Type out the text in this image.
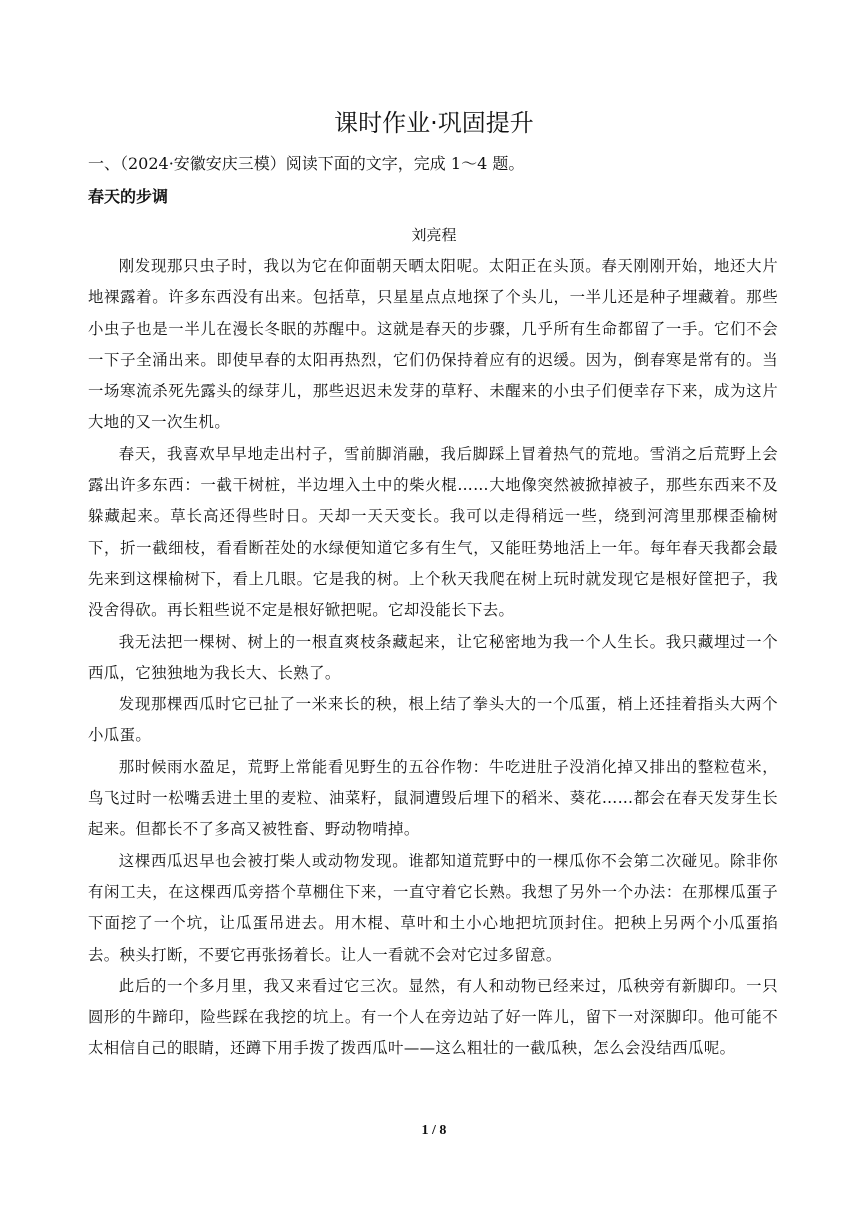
课时作业·巩固提升

一、（2024·安徽安庆三模）阅读下面的文字，完成 1～4 题。

春天的步调

刘亮程

刚发现那只虫子时，我以为它在仰面朝天晒太阳呢。太阳正在头顶。春天刚刚开始，地还大片地裸露着。许多东西没有出来。包括草，只星星点点地探了个头儿，一半儿还是种子埋藏着。那些小虫子也是一半儿在漫长冬眠的苏醒中。这就是春天的步骤，几乎所有生命都留了一手。它们不会一下子全涌出来。即使早春的太阳再热烈，它们仍保持着应有的迟缓。因为，倒春寒是常有的。当一场寒流杀死先露头的绿芽儿，那些迟迟未发芽的草籽、未醒来的小虫子们便幸存下来，成为这片大地的又一次生机。

春天，我喜欢早早地走出村子，雪前脚消融，我后脚踩上冒着热气的荒地。雪消之后荒野上会露出许多东西：一截干树桩，半边埋入土中的柴火棍……大地像突然被掀掉被子，那些东西来不及躲藏起来。草长高还得些时日。天却一天天变长。我可以走得稍远一些，绕到河湾里那棵歪榆树下，折一截细枝，看看断茬处的水绿便知道它多有生气，又能旺势地活上一年。每年春天我都会最先来到这棵榆树下，看上几眼。它是我的树。上个秋天我爬在树上玩时就发现它是根好筐把子，我没舍得砍。再长粗些说不定是根好锨把呢。它却没能长下去。

我无法把一棵树、树上的一根直爽枝条藏起来，让它秘密地为我一个人生长。我只藏埋过一个西瓜，它独独地为我长大、长熟了。

发现那棵西瓜时它已扯了一米来长的秧，根上结了拳头大的一个瓜蛋，梢上还挂着指头大两个小瓜蛋。

那时候雨水盈足，荒野上常能看见野生的五谷作物：牛吃进肚子没消化掉又排出的整粒苞米，鸟飞过时一松嘴丢进土里的麦粒、油菜籽，鼠洞遭毁后埋下的稻米、葵花……都会在春天发芽生长起来。但都长不了多高又被牲畜、野动物啃掉。

这棵西瓜迟早也会被打柴人或动物发现。谁都知道荒野中的一棵瓜你不会第二次碰见。除非你有闲工夫，在这棵西瓜旁搭个草棚住下来，一直守着它长熟。我想了另外一个办法：在那棵瓜蛋子下面挖了一个坑，让瓜蛋吊进去。用木棍、草叶和土小心地把坑顶封住。把秧上另两个小瓜蛋掐去。秧头打断，不要它再张扬着长。让人一看就不会对它过多留意。

此后的一个多月里，我又来看过它三次。显然，有人和动物已经来过，瓜秧旁有新脚印。一只圆形的牛蹄印，险些踩在我挖的坑上。有一个人在旁边站了好一阵儿，留下一对深脚印。他可能不太相信自己的眼睛，还蹲下用手拨了拨西瓜叶——这么粗壮的一截瓜秧，怎么会没结西瓜呢。

1 / 8
